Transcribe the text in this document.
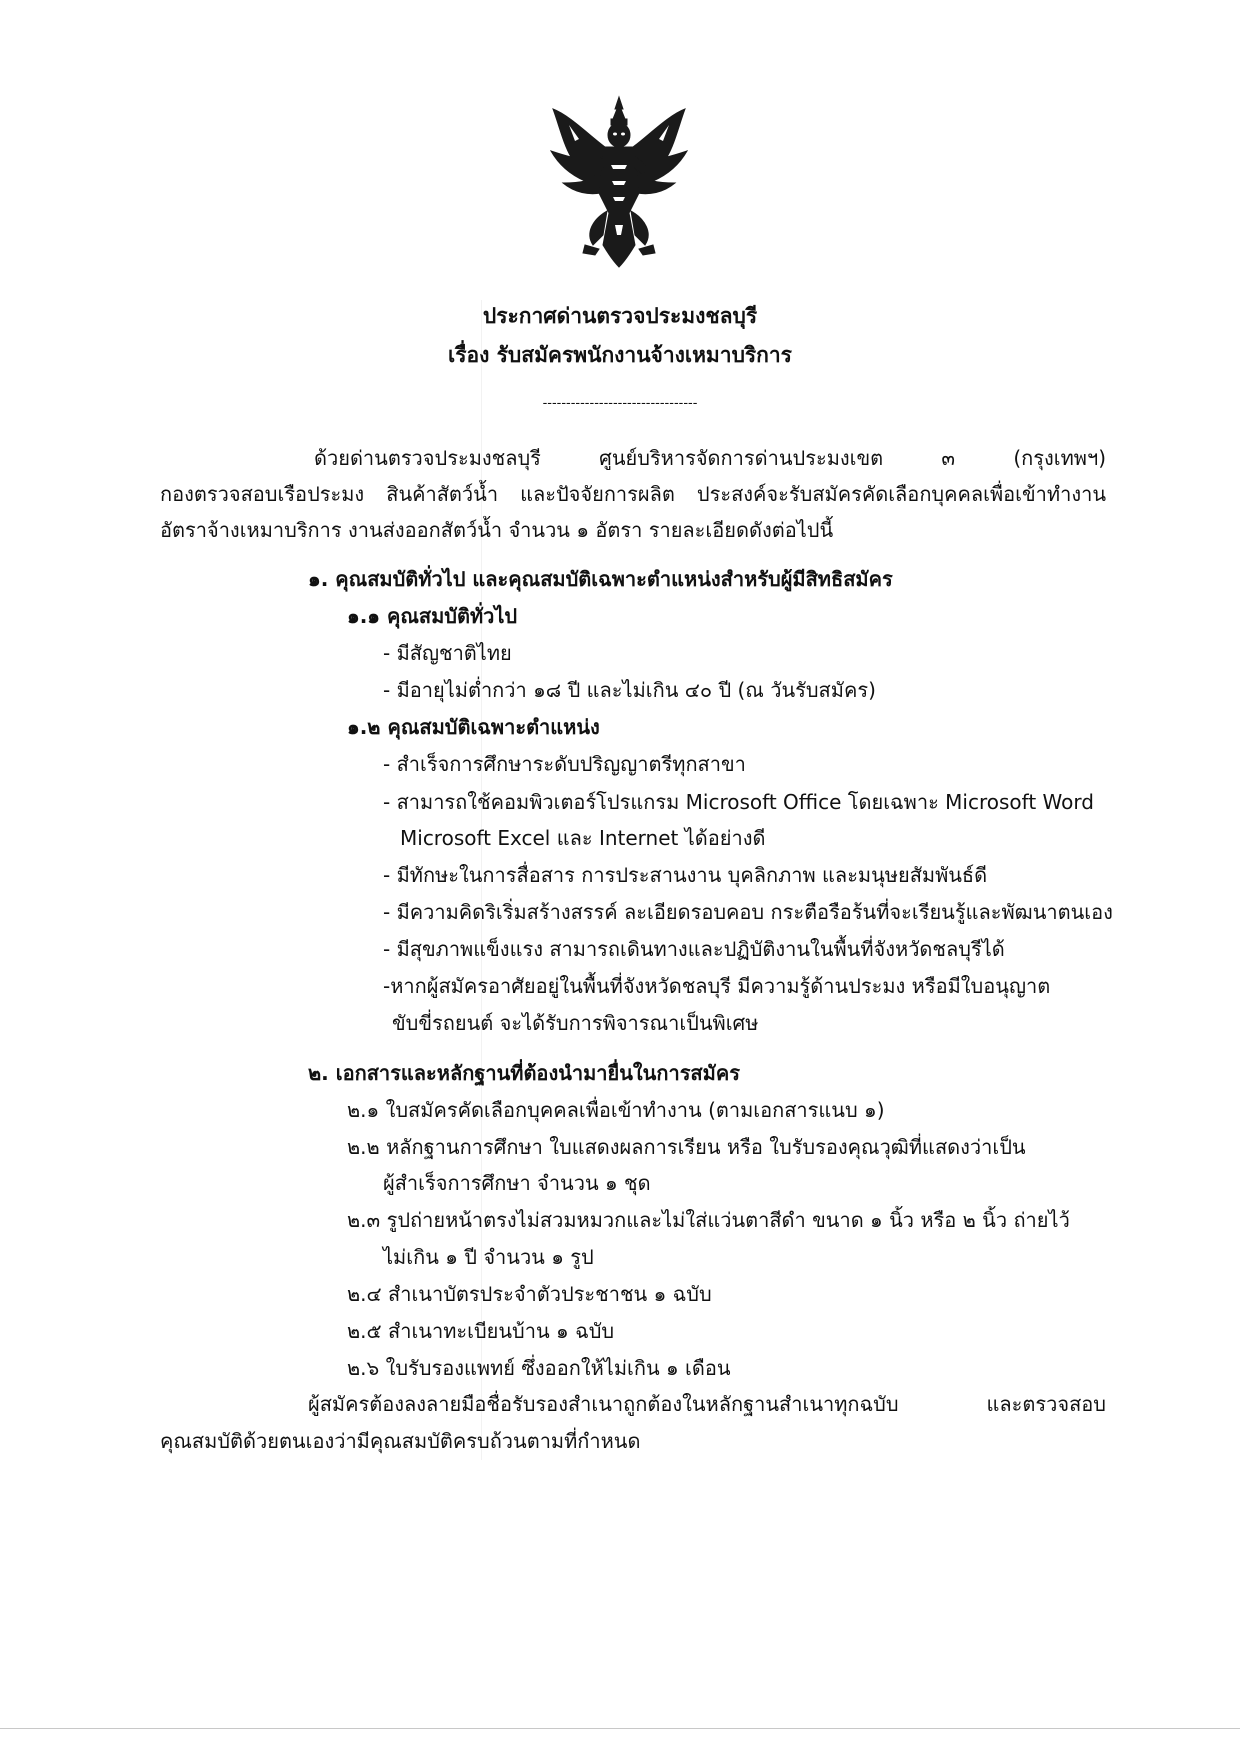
ประกาศด่านตรวจประมงชลบุรี
เรื่อง รับสมัครพนักงานจ้างเหมาบริการ
---------------------------------
ด้วยด่านตรวจประมงชลบุรี ศูนย์บริหารจัดการด่านประมงเขต ๓ (กรุงเทพฯ)
กองตรวจสอบเรือประมง สินค้าสัตว์น้ำ และปัจจัยการผลิต ประสงค์จะรับสมัครคัดเลือกบุคคลเพื่อเข้าทำงาน
อัตราจ้างเหมาบริการ งานส่งออกสัตว์น้ำ จำนวน ๑ อัตรา รายละเอียดดังต่อไปนี้
๑. คุณสมบัติทั่วไป และคุณสมบัติเฉพาะตำแหน่งสำหรับผู้มีสิทธิสมัคร
๑.๑ คุณสมบัติทั่วไป
- มีสัญชาติไทย
- มีอายุไม่ต่ำกว่า ๑๘ ปี และไม่เกิน ๔๐ ปี (ณ วันรับสมัคร)
๑.๒ คุณสมบัติเฉพาะตำแหน่ง
- สำเร็จการศึกษาระดับปริญญาตรีทุกสาขา
- สามารถใช้คอมพิวเตอร์โปรแกรม Microsoft Office โดยเฉพาะ Microsoft Word
Microsoft Excel และ Internet ได้อย่างดี
- มีทักษะในการสื่อสาร การประสานงาน บุคลิกภาพ และมนุษยสัมพันธ์ดี
- มีความคิดริเริ่มสร้างสรรค์ ละเอียดรอบคอบ กระตือรือร้นที่จะเรียนรู้และพัฒนาตนเอง
- มีสุขภาพแข็งแรง สามารถเดินทางและปฏิบัติงานในพื้นที่จังหวัดชลบุรีได้
-หากผู้สมัครอาศัยอยู่ในพื้นที่จังหวัดชลบุรี มีความรู้ด้านประมง หรือมีใบอนุญาต
ขับขี่รถยนต์ จะได้รับการพิจารณาเป็นพิเศษ
๒. เอกสารและหลักฐานที่ต้องนำมายื่นในการสมัคร
๒.๑ ใบสมัครคัดเลือกบุคคลเพื่อเข้าทำงาน (ตามเอกสารแนบ ๑)
๒.๒ หลักฐานการศึกษา ใบแสดงผลการเรียน หรือ ใบรับรองคุณวุฒิที่แสดงว่าเป็น
ผู้สำเร็จการศึกษา จำนวน ๑ ชุด
๒.๓ รูปถ่ายหน้าตรงไม่สวมหมวกและไม่ใส่แว่นตาสีดำ ขนาด ๑ นิ้ว หรือ ๒ นิ้ว ถ่ายไว้
ไม่เกิน ๑ ปี จำนวน ๑ รูป
๒.๔ สำเนาบัตรประจำตัวประชาชน ๑ ฉบับ
๒.๕ สำเนาทะเบียนบ้าน ๑ ฉบับ
๒.๖ ใบรับรองแพทย์ ซึ่งออกให้ไม่เกิน ๑ เดือน
ผู้สมัครต้องลงลายมือชื่อรับรองสำเนาถูกต้องในหลักฐานสำเนาทุกฉบับ และตรวจสอบ
คุณสมบัติด้วยตนเองว่ามีคุณสมบัติครบถ้วนตามที่กำหนด
